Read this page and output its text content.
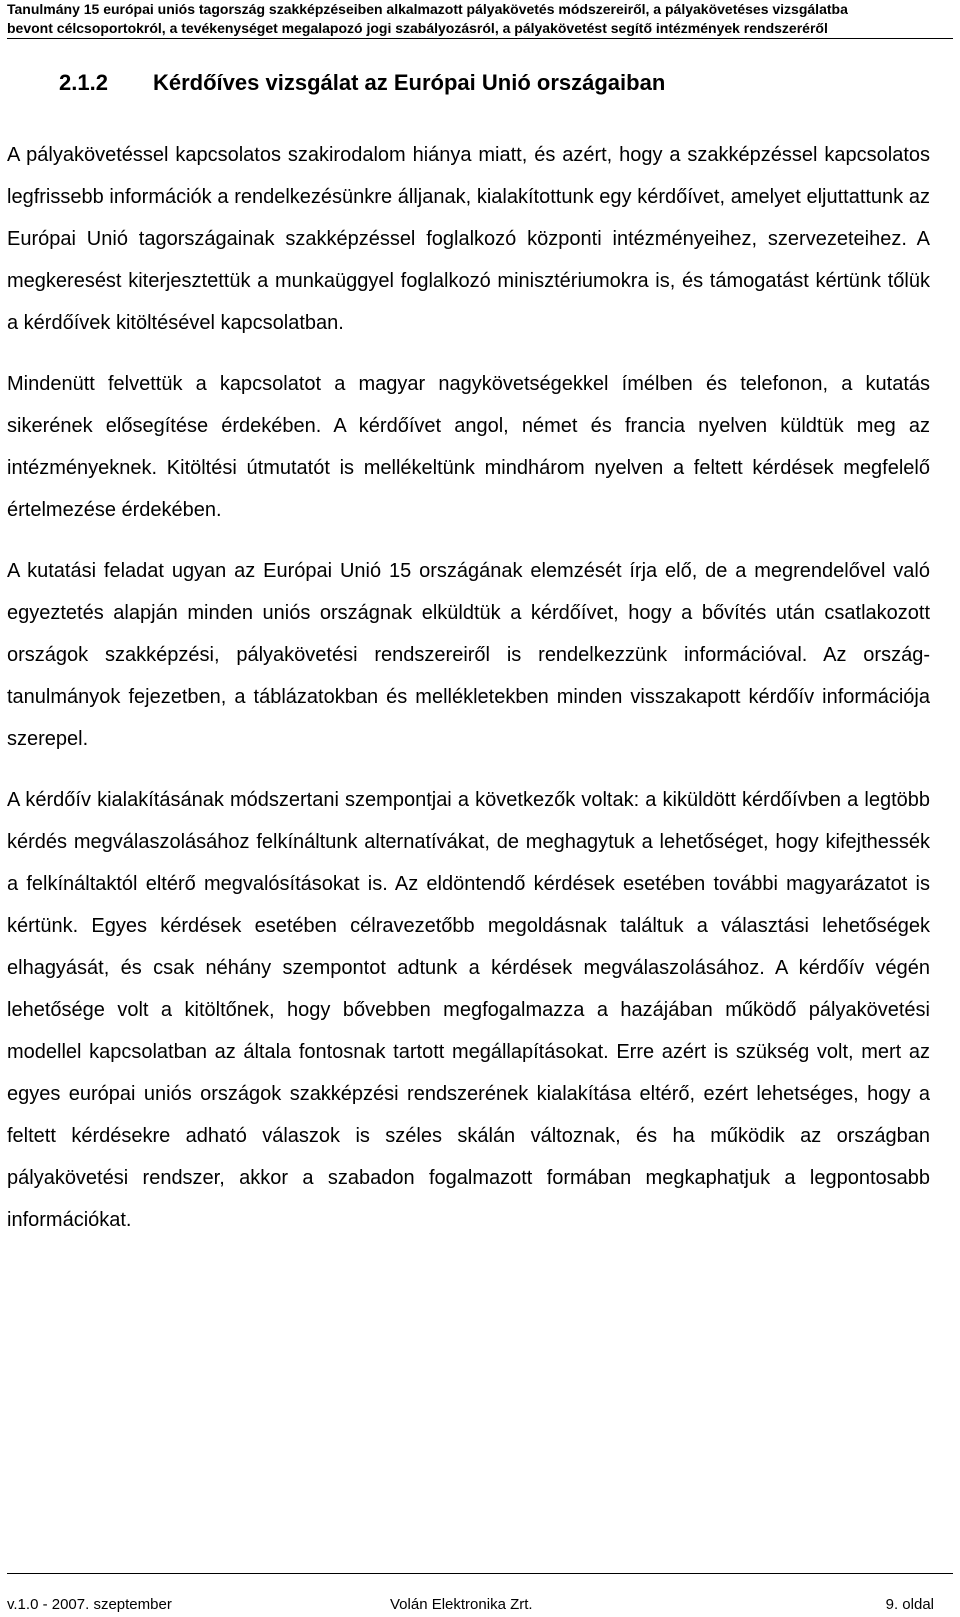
Tanulmány 15 európai uniós tagország szakképzéseiben alkalmazott pályakövetés módszereiről, a pályakövetéses vizsgálatba
bevont célcsoportokról, a tevékenységet megalapozó jogi szabályozásról, a pályakövetést segítő intézmények rendszeréről
2.1.2 Kérdőíves vizsgálat az Európai Unió országaiban

A pályakövetéssel kapcsolatos szakirodalom hiánya miatt, és azért, hogy a szakképzéssel kapcsolatos legfrissebb információk a rendelkezésünkre álljanak, kialakítottunk egy kérdőívet, amelyet eljuttattunk az Európai Unió tagországainak szakképzéssel foglalkozó központi intézményeihez, szervezeteihez. A megkeresést kiterjesztettük a munkaüggyel foglalkozó minisztériumokra is, és támogatást kértünk tőlük a kérdőívek kitöltésével kapcsolatban.

Mindenütt felvettük a kapcsolatot a magyar nagykövetségekkel ímélben és telefonon, a kutatás sikerének elősegítése érdekében. A kérdőívet angol, német és francia nyelven küldtük meg az intézményeknek. Kitöltési útmutatót is mellékeltünk mindhárom nyelven a feltett kérdések megfelelő értelmezése érdekében.

A kutatási feladat ugyan az Európai Unió 15 országának elemzését írja elő, de a megrendelővel való egyeztetés alapján minden uniós országnak elküldtük a kérdőívet, hogy a bővítés után csatlakozott országok szakképzési, pályakövetési rendszereiről is rendelkezzünk információval. Az ország-tanulmányok fejezetben, a táblázatokban és mellékletekben minden visszakapott kérdőív információja szerepel.

A kérdőív kialakításának módszertani szempontjai a következők voltak: a kiküldött kérdőívben a legtöbb kérdés megválaszolásához felkínáltunk alternatívákat, de meghagytuk a lehetőséget, hogy kifejthessék a felkínáltaktól eltérő megvalósításokat is. Az eldöntendő kérdések esetében további magyarázatot is kértünk. Egyes kérdések esetében célravezetőbb megoldásnak találtuk a választási lehetőségek elhagyását, és csak néhány szempontot adtunk a kérdések megválaszolásához. A kérdőív végén lehetősége volt a kitöltőnek, hogy bővebben megfogalmazza a hazájában működő pályakövetési modellel kapcsolatban az általa fontosnak tartott megállapításokat. Erre azért is szükség volt, mert az egyes európai uniós országok szakképzési rendszerének kialakítása eltérő, ezért lehetséges, hogy a feltett kérdésekre adható válaszok is széles skálán változnak, és ha működik az országban pályakövetési rendszer, akkor a szabadon fogalmazott formában megkaphatjuk a legpontosabb információkat.

v.1.0 - 2007. szeptember	Volán Elektronika Zrt.	9. oldal
